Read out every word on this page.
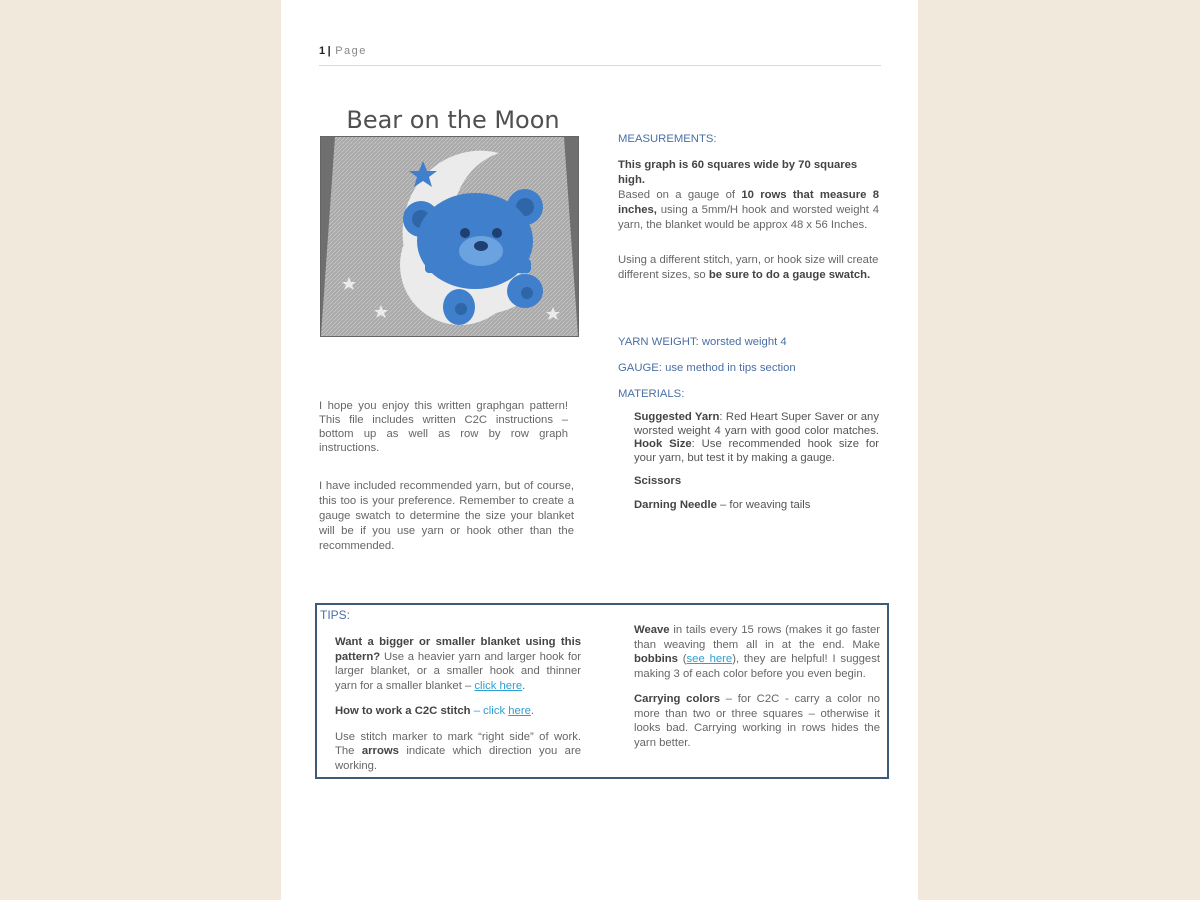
1| Page
Bear on the Moon
I hope you enjoy this written graphgan pattern! This file includes written C2C instructions – bottom up as well as row by row graph instructions.
I have included recommended yarn, but of course, this too is your preference. Remember to create a gauge swatch to determine the size your blanket will be if you use yarn or hook other than the recommended.
MEASUREMENTS:
This graph is 60 squares wide by 70 squares high.
Based on a gauge of 10 rows that measure 8 inches, using a 5mm/H hook and worsted weight 4 yarn, the blanket would be approx 48 x 56 Inches.
Using a different stitch, yarn, or hook size will create different sizes, so be sure to do a gauge swatch.
YARN WEIGHT: worsted weight 4
GAUGE: use method in tips section
MATERIALS:
Suggested Yarn: Red Heart Super Saver or any worsted weight 4 yarn with good color matches. Hook Size: Use recommended hook size for your yarn, but test it by making a gauge.
Scissors
Darning Needle – for weaving tails
TIPS:
Want a bigger or smaller blanket using this pattern? Use a heavier yarn and larger hook for larger blanket, or a smaller hook and thinner yarn for a smaller blanket – click here.
How to work a C2C stitch – click here.
Use stitch marker to mark “right side” of work. The arrows indicate which direction you are working.
Weave in tails every 15 rows (makes it go faster than weaving them all in at the end. Make bobbins (see here), they are helpful! I suggest making 3 of each color before you even begin.
Carrying colors – for C2C - carry a color no more than two or three squares – otherwise it looks bad. Carrying working in rows hides the yarn better.
